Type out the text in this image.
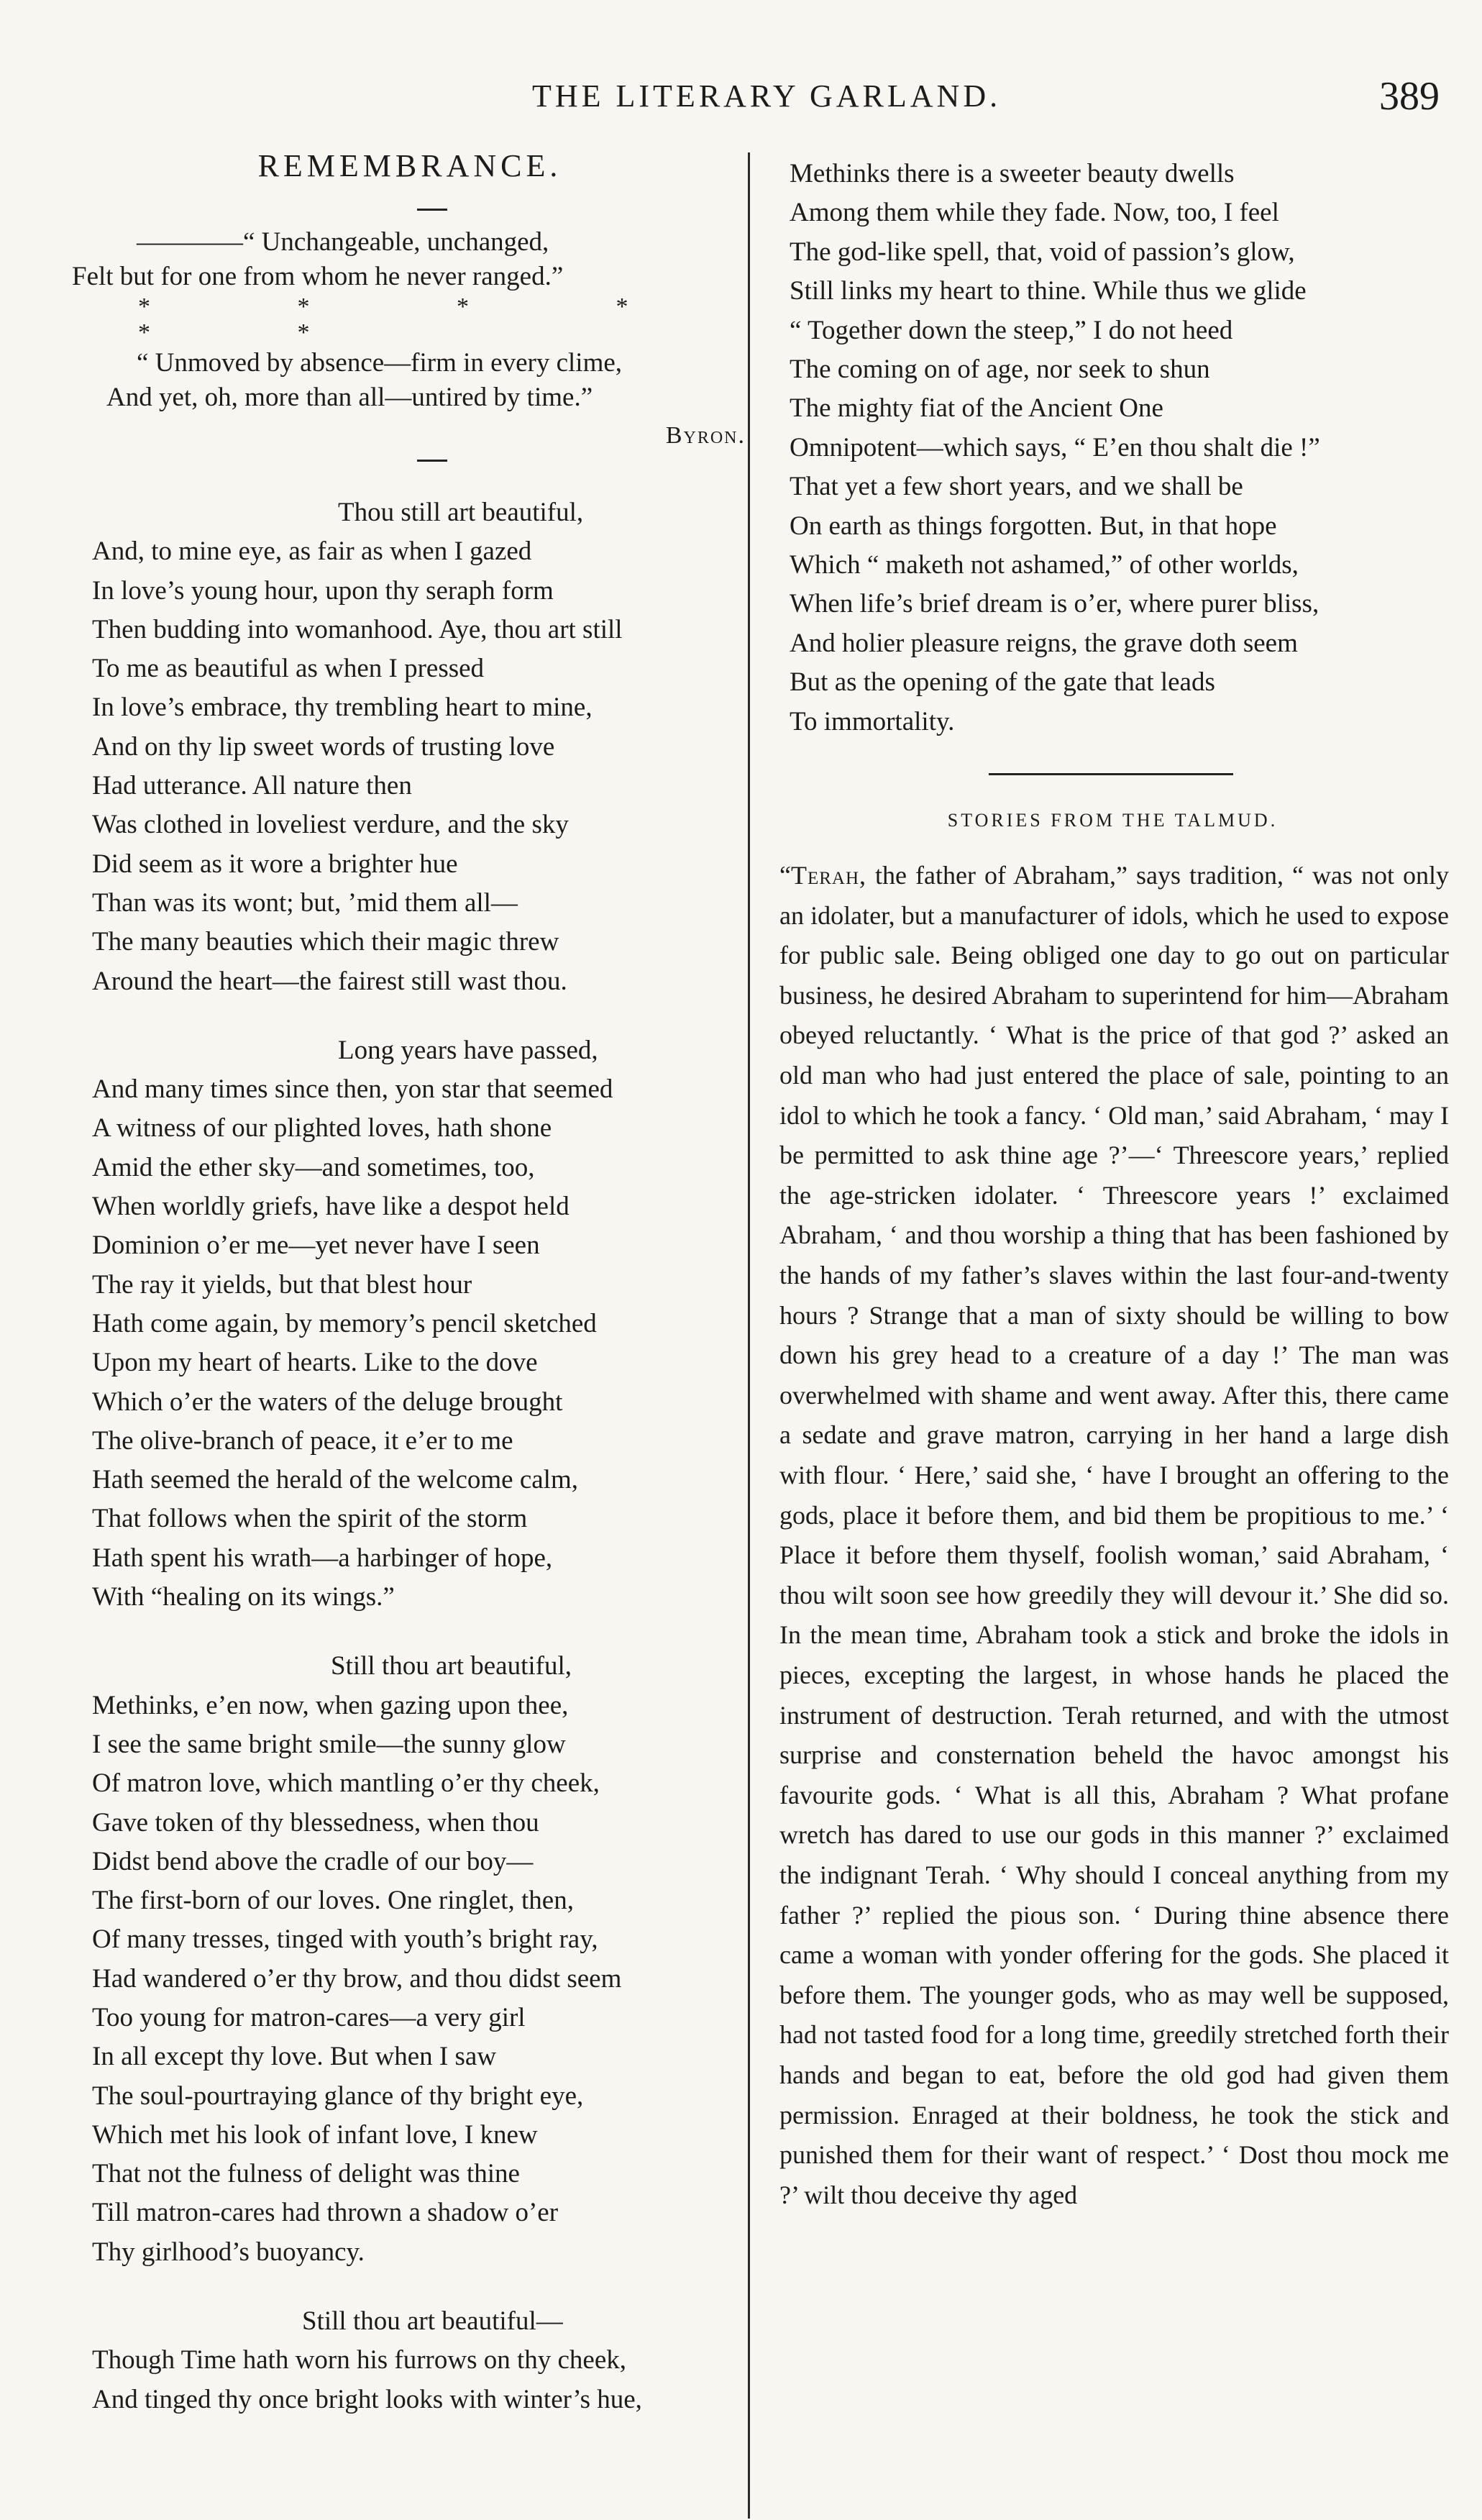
THE LITERARY GARLAND.	389
REMEMBRANCE.
————“ Unchangeable, unchanged,
Felt but for one from whom he never ranged.”
* * * * * *
“ Unmoved by absence—firm in every clime,
And yet, oh, more than all—untired by time.”
Byron.
Thou still art beautiful,
And, to mine eye, as fair as when I gazed
In love’s young hour, upon thy seraph form
Then budding into womanhood. Aye, thou art still
To me as beautiful as when I pressed
In love’s embrace, thy trembling heart to mine,
And on thy lip sweet words of trusting love
Had utterance. All nature then
Was clothed in loveliest verdure, and the sky
Did seem as it wore a brighter hue
Than was its wont; but, ’mid them all—
The many beauties which their magic threw
Around the heart—the fairest still wast thou.
Long years have passed,
And many times since then, yon star that seemed
A witness of our plighted loves, hath shone
Amid the ether sky—and sometimes, too,
When worldly griefs, have like a despot held
Dominion o’er me—yet never have I seen
The ray it yields, but that blest hour
Hath come again, by memory’s pencil sketched
Upon my heart of hearts. Like to the dove
Which o’er the waters of the deluge brought
The olive-branch of peace, it e’er to me
Hath seemed the herald of the welcome calm,
That follows when the spirit of the storm
Hath spent his wrath—a harbinger of hope,
With “healing on its wings.”
Still thou art beautiful,
Methinks, e’en now, when gazing upon thee,
I see the same bright smile—the sunny glow
Of matron love, which mantling o’er thy cheek,
Gave token of thy blessedness, when thou
Didst bend above the cradle of our boy—
The first-born of our loves. One ringlet, then,
Of many tresses, tinged with youth’s bright ray,
Had wandered o’er thy brow, and thou didst seem
Too young for matron-cares—a very girl
In all except thy love. But when I saw
The soul-pourtraying glance of thy bright eye,
Which met his look of infant love, I knew
That not the fulness of delight was thine
Till matron-cares had thrown a shadow o’er
Thy girlhood’s buoyancy.
Still thou art beautiful—
Though Time hath worn his furrows on thy cheek,
And tinged thy once bright looks with winter’s hue,
Methinks there is a sweeter beauty dwells
Among them while they fade. Now, too, I feel
The god-like spell, that, void of passion’s glow,
Still links my heart to thine. While thus we glide
“ Together down the steep,” I do not heed
The coming on of age, nor seek to shun
The mighty fiat of the Ancient One
Omnipotent—which says, “ E’en thou shalt die !”
That yet a few short years, and we shall be
On earth as things forgotten. But, in that hope
Which “ maketh not ashamed,” of other worlds,
When life’s brief dream is o’er, where purer bliss,
And holier pleasure reigns, the grave doth seem
But as the opening of the gate that leads
To immortality.
STORIES FROM THE TALMUD.
“Terah, the father of Abraham,” says tradition, “ was not only an idolater, but a manufacturer of idols, which he used to expose for public sale. Being obliged one day to go out on particular business, he desired Abraham to superintend for him—Abraham obeyed reluctantly. ‘ What is the price of that god ?’ asked an old man who had just entered the place of sale, pointing to an idol to which he took a fancy. ‘ Old man,’ said Abraham, ‘ may I be permitted to ask thine age ?’—‘ Threescore years,’ replied the age-stricken idolater. ‘ Threescore years !’ exclaimed Abraham, ‘ and thou worship a thing that has been fashioned by the hands of my father’s slaves within the last four-and-twenty hours ? Strange that a man of sixty should be willing to bow down his grey head to a creature of a day !’ The man was overwhelmed with shame and went away. After this, there came a sedate and grave matron, carrying in her hand a large dish with flour. ‘ Here,’ said she, ‘ have I brought an offering to the gods, place it before them, and bid them be propitious to me.’ ‘ Place it before them thyself, foolish woman,’ said Abraham, ‘ thou wilt soon see how greedily they will devour it.’ She did so. In the mean time, Abraham took a stick and broke the idols in pieces, excepting the largest, in whose hands he placed the instrument of destruction. Terah returned, and with the utmost surprise and consternation beheld the havoc amongst his favourite gods. ‘ What is all this, Abraham ? What profane wretch has dared to use our gods in this manner ?’ exclaimed the indignant Terah. ‘ Why should I conceal anything from my father ?’ replied the pious son. ‘ During thine absence there came a woman with yonder offering for the gods. She placed it before them. The younger gods, who as may well be supposed, had not tasted food for a long time, greedily stretched forth their hands and began to eat, before the old god had given them permission. Enraged at their boldness, he took the stick and punished them for their want of respect.’ ‘ Dost thou mock me ?’ wilt thou deceive thy aged
